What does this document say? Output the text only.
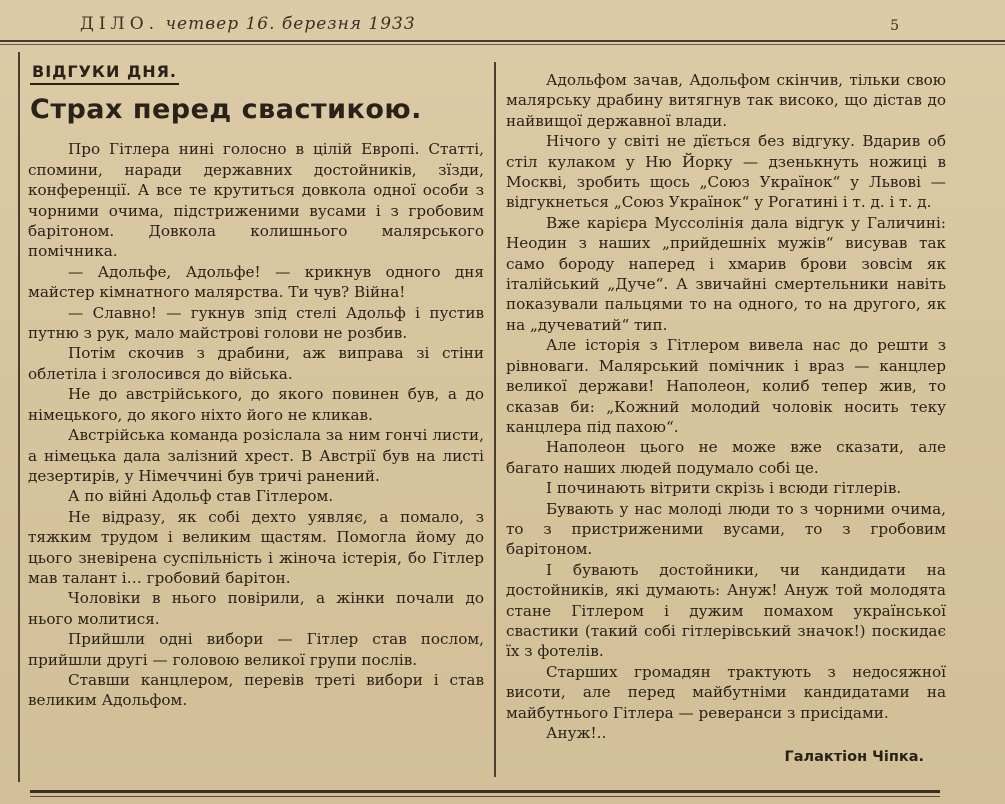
ДІЛО. четвер 16. березня 1933	5
ВІДГУКИ ДНЯ.
Страх перед свастикою.

Про Гітлера нині голосно в цілій Европі. Статті, спомини, наради державних достойників, зїзди, конференції. А все те крутиться довкола одної особи з чорними очима, підстриженими вусами і з гробовим барітоном. Довкола колишнього малярського помічника.

— Адольфе, Адольфе! — крикнув одного дня майстер кімнатного малярства. Ти чув? Війна!

— Славно! — гукнув зпід стелі Адольф і пустив путню з рук, мало майстрові голови не розбив.

Потім скочив з драбини, аж виправа зі стіни облетіла і зголосився до війська.

Не до австрійського, до якого повинен був, а до німецького, до якого ніхто його не кликав.

Австрійська команда розіслала за ним гончі листи, а німецька дала залізний хрест. В Австрії був на листі дезертирів, у Німеччині був тричі ранений.

А по війні Адольф став Гітлером.

Не відразу, як собі дехто уявляє, а помало, з тяжким трудом і великим щастям. Помогла йому до цього зневірена суспільність і жіноча істерія, бо Гітлер мав талант і… гробовий барітон.

Чоловіки в нього повірили, а жінки почали до нього молитися.

Прийшли одні вибори — Гітлер став послом, прийшли другі — головою великої групи послів.

Ставши канцлером, перевів треті вибори і став великим Адольфом.

Адольфом зачав, Адольфом скінчив, тільки свою малярську драбину витягнув так високо, що дістав до найвищої державної влади.

Нічого у світі не дїється без відгуку. Вдарив об стіл кулаком у Ню Йорку — дзенькнуть ножиці в Москві, зробить щось „Союз Українок“ у Львові — відгукнеться „Союз Українок“ у Рогатині і т. д. і т. д.

Вже карієра Муссолінія дала відгук у Галичині: Неодин з наших „прийдешніх мужів“ висував так само бороду наперед і хмарив брови зовсім як італійський „Дуче“. А звичайні смертельники навіть показували пальцями то на одного, то на другого, як на „дучеватий“ тип.

Але історія з Гітлером вивела нас до решти з рівноваги. Малярський помічник і враз — канцлер великої держави! Наполеон, колиб тепер жив, то сказав би: „Кожний молодий чоловік носить теку канцлера під пахою“.

Наполеон цього не може вже сказати, але багато наших людей подумало собі це.

І починають вітрити скрізь і всюди гітлерів.

Бувають у нас молоді люди то з чорними очима, то з пристриженими вусами, то з гробовим барітоном.

І бувають достойники, чи кандидати на достойників, які думають: Ануж! Ануж той молодята стане Гітлером і дужим помахом української свастики (такий собі гітлерівський значок!) поскидає їх з фотелів.

Старших громадян трактують з недосяжної висоти, але перед майбутніми кандидатами на майбутнього Гітлера — реверанси з присідами.

Ануж!..

Галактіон Чіпка.
